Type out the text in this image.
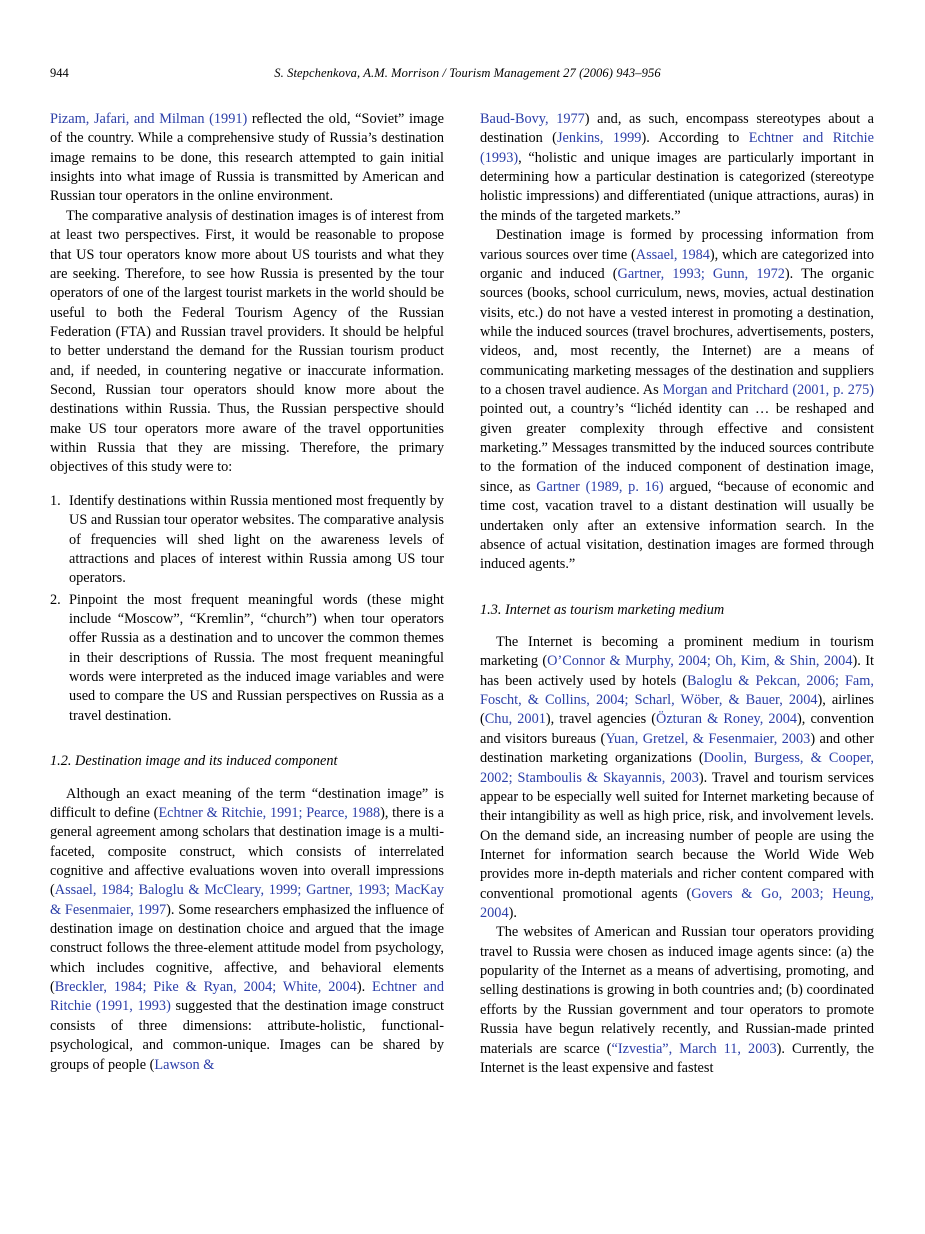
944	S. Stepchenkova, A.M. Morrison / Tourism Management 27 (2006) 943–956

Pizam, Jafari, and Milman (1991) reflected the old, “Soviet” image of the country. While a comprehensive study of Russia’s destination image remains to be done, this research attempted to gain initial insights into what image of Russia is transmitted by American and Russian tour operators in the online environment.

The comparative analysis of destination images is of interest from at least two perspectives. First, it would be reasonable to propose that US tour operators know more about US tourists and what they are seeking. Therefore, to see how Russia is presented by the tour operators of one of the largest tourist markets in the world should be useful to both the Federal Tourism Agency of the Russian Federation (FTA) and Russian travel providers. It should be helpful to better understand the demand for the Russian tourism product and, if needed, in countering negative or inaccurate information. Second, Russian tour operators should know more about the destinations within Russia. Thus, the Russian perspective should make US tour operators more aware of the travel opportunities within Russia that they are missing. Therefore, the primary objectives of this study were to:

Identify destinations within Russia mentioned most frequently by US and Russian tour operator websites. The comparative analysis of frequencies will shed light on the awareness levels of attractions and places of interest within Russia among US tour operators.
Pinpoint the most frequent meaningful words (these might include “Moscow”, “Kremlin”, “church”) when tour operators offer Russia as a destination and to uncover the common themes in their descriptions of Russia. The most frequent meaningful words were interpreted as the induced image variables and were used to compare the US and Russian perspectives on Russia as a travel destination.
1.2. Destination image and its induced component

Although an exact meaning of the term “destination image” is difficult to define (Echtner & Ritchie, 1991; Pearce, 1988), there is a general agreement among scholars that destination image is a multi-faceted, composite construct, which consists of interrelated cognitive and affective evaluations woven into overall impressions (Assael, 1984; Baloglu & McCleary, 1999; Gartner, 1993; MacKay & Fesenmaier, 1997). Some researchers emphasized the influence of destination image on destination choice and argued that the image construct follows the three-element attitude model from psychology, which includes cognitive, affective, and behavioral elements (Breckler, 1984; Pike & Ryan, 2004; White, 2004). Echtner and Ritchie (1991, 1993) suggested that the destination image construct consists of three dimensions: attribute-holistic, functional-psychological, and common-unique. Images can be shared by groups of people (Lawson &

Baud-Bovy, 1977) and, as such, encompass stereotypes about a destination (Jenkins, 1999). According to Echtner and Ritchie (1993), “holistic and unique images are particularly important in determining how a particular destination is categorized (stereotype holistic impressions) and differentiated (unique attractions, auras) in the minds of the targeted markets.”

Destination image is formed by processing information from various sources over time (Assael, 1984), which are categorized into organic and induced (Gartner, 1993; Gunn, 1972). The organic sources (books, school curriculum, news, movies, actual destination visits, etc.) do not have a vested interest in promoting a destination, while the induced sources (travel brochures, advertisements, posters, videos, and, most recently, the Internet) are a means of communicating marketing messages of the destination and suppliers to a chosen travel audience. As Morgan and Pritchard (2001, p. 275) pointed out, a country’s “lichéd identity can … be reshaped and given greater complexity through effective and consistent marketing.” Messages transmitted by the induced sources contribute to the formation of the induced component of destination image, since, as Gartner (1989, p. 16) argued, “because of economic and time cost, vacation travel to a distant destination will usually be undertaken only after an extensive information search. In the absence of actual visitation, destination images are formed through induced agents.”

1.3. Internet as tourism marketing medium

The Internet is becoming a prominent medium in tourism marketing (O’Connor & Murphy, 2004; Oh, Kim, & Shin, 2004). It has been actively used by hotels (Baloglu & Pekcan, 2006; Fam, Foscht, & Collins, 2004; Scharl, Wöber, & Bauer, 2004), airlines (Chu, 2001), travel agencies (Özturan & Roney, 2004), convention and visitors bureaus (Yuan, Gretzel, & Fesenmaier, 2003) and other destination marketing organizations (Doolin, Burgess, & Cooper, 2002; Stamboulis & Skayannis, 2003). Travel and tourism services appear to be especially well suited for Internet marketing because of their intangibility as well as high price, risk, and involvement levels. On the demand side, an increasing number of people are using the Internet for information search because the World Wide Web provides more in-depth materials and richer content compared with conventional promotional agents (Govers & Go, 2003; Heung, 2004).

The websites of American and Russian tour operators providing travel to Russia were chosen as induced image agents since: (a) the popularity of the Internet as a means of advertising, promoting, and selling destinations is growing in both countries and; (b) coordinated efforts by the Russian government and tour operators to promote Russia have begun relatively recently, and Russian-made printed materials are scarce (“Izvestia”, March 11, 2003). Currently, the Internet is the least expensive and fastest
